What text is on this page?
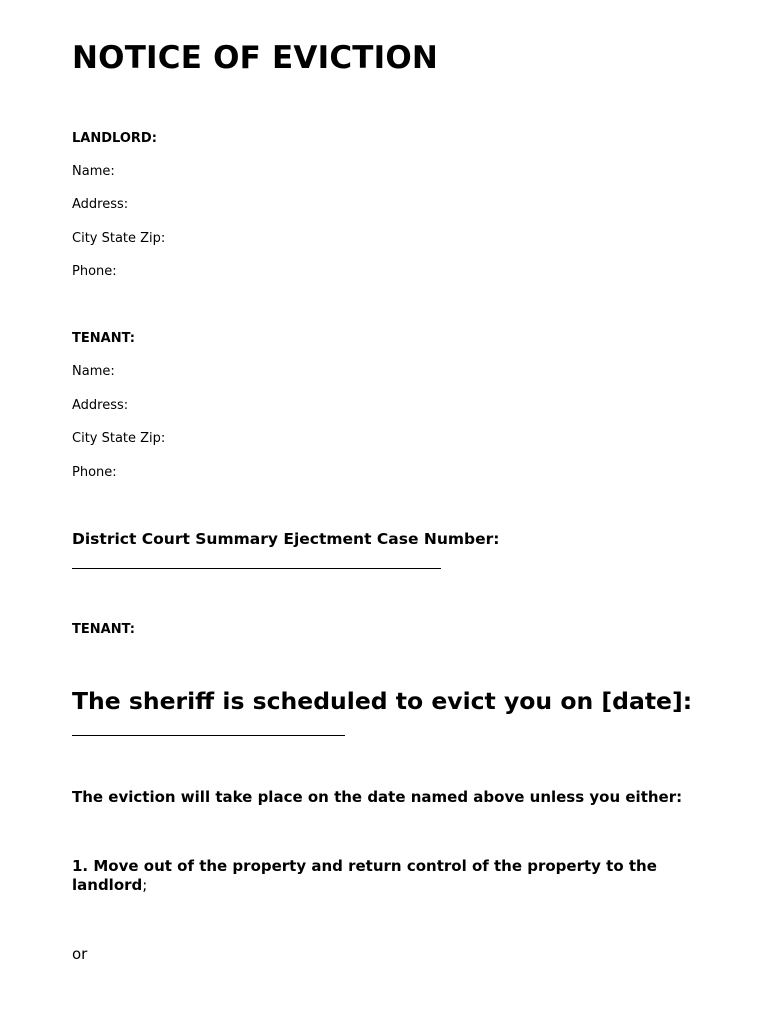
NOTICE OF EVICTION
LANDLORD:
Name:
Address:
City State Zip:
Phone:
TENANT:
Name:
Address:
City State Zip:
Phone:
District Court Summary Ejectment Case Number:
TENANT:
The sheriff is scheduled to evict you on [date]:
The eviction will take place on the date named above unless you either:
1. Move out of the property and return control of the property to the landlord;
or
